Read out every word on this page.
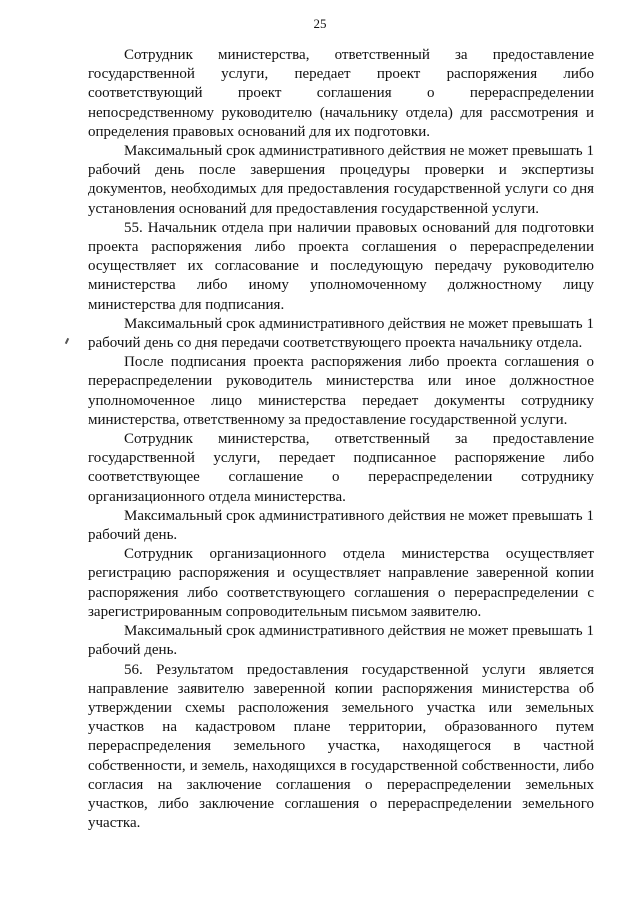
25

Сотрудник министерства, ответственный за предоставление государственной услуги, передает проект распоряжения либо соответствующий проект соглашения о перераспределении непосредственному руководителю (начальнику отдела) для рассмотрения и определения правовых оснований для их подготовки.

Максимальный срок административного действия не может превышать 1 рабочий день после завершения процедуры проверки и экспертизы документов, необходимых для предоставления государственной услуги со дня установления оснований для предоставления государственной услуги.

55. Начальник отдела при наличии правовых оснований для подготовки проекта распоряжения либо проекта соглашения о перераспределении осуществляет их согласование и последующую передачу руководителю министерства либо иному уполномоченному должностному лицу министерства для подписания.

Максимальный срок административного действия не может превышать 1 рабочий день со дня передачи соответствующего проекта начальнику отдела.

После подписания проекта распоряжения либо проекта соглашения о перераспределении руководитель министерства или иное должностное уполномоченное лицо министерства передает документы сотруднику министерства, ответственному за предоставление государственной услуги.

Сотрудник министерства, ответственный за предоставление государственной услуги, передает подписанное распоряжение либо соответствующее соглашение о перераспределении сотруднику организационного отдела министерства.

Максимальный срок административного действия не может превышать 1 рабочий день.

Сотрудник организационного отдела министерства осуществляет регистрацию распоряжения и осуществляет направление заверенной копии распоряжения либо соответствующего соглашения о перераспределении с зарегистрированным сопроводительным письмом заявителю.

Максимальный срок административного действия не может превышать 1 рабочий день.

56. Результатом предоставления государственной услуги является направление заявителю заверенной копии распоряжения министерства об утверждении схемы расположения земельного участка или земельных участков на кадастровом плане территории, образованного путем перераспределения земельного участка, находящегося в частной собственности, и земель, находящихся в государственной собственности, либо согласия на заключение соглашения о перераспределении земельных участков, либо заключение соглашения о перераспределении земельного участка.
